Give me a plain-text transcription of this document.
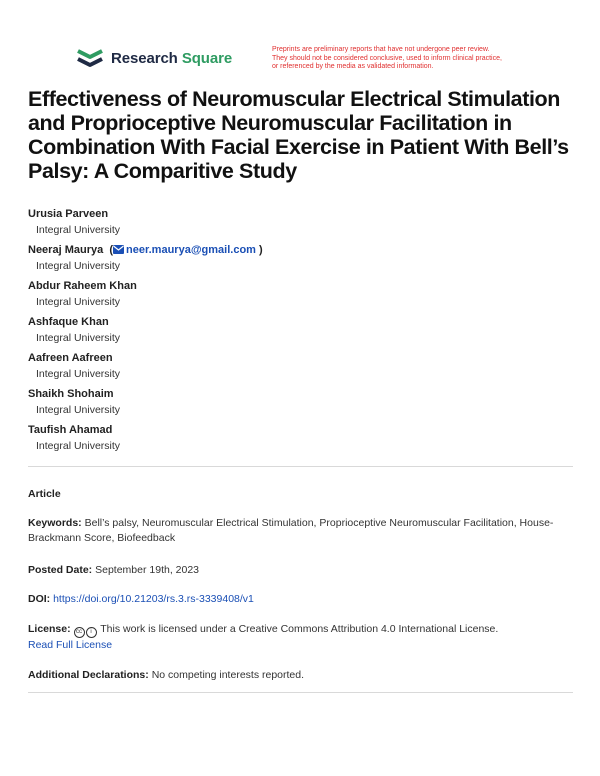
Research Square	Preprints are preliminary reports that have not undergone peer review.
They should not be considered conclusive, used to inform clinical practice,
or referenced by the media as validated information.
Effectiveness of Neuromuscular Electrical Stimulation and Proprioceptive Neuromuscular Facilitation in Combination With Facial Exercise in Patient With Bell’s Palsy: A Comparitive Study
Urusia Parveen
Integral University
Neeraj Maurya  ( neer.maurya@gmail.com )
Integral University
Abdur Raheem Khan
Integral University
Ashfaque Khan
Integral University
Aafreen Aafreen
Integral University
Shaikh Shohaim
Integral University
Taufish Ahamad
Integral University
Article
Keywords: Bell’s palsy, Neuromuscular Electrical Stimulation, Proprioceptive Neuromuscular Facilitation, House-Brackmann Score, Biofeedback
Posted Date: September 19th, 2023
DOI: https://doi.org/10.21203/rs.3.rs-3339408/v1
License: cc i This work is licensed under a Creative Commons Attribution 4.0 International License.
Read Full License
Additional Declarations: No competing interests reported.
